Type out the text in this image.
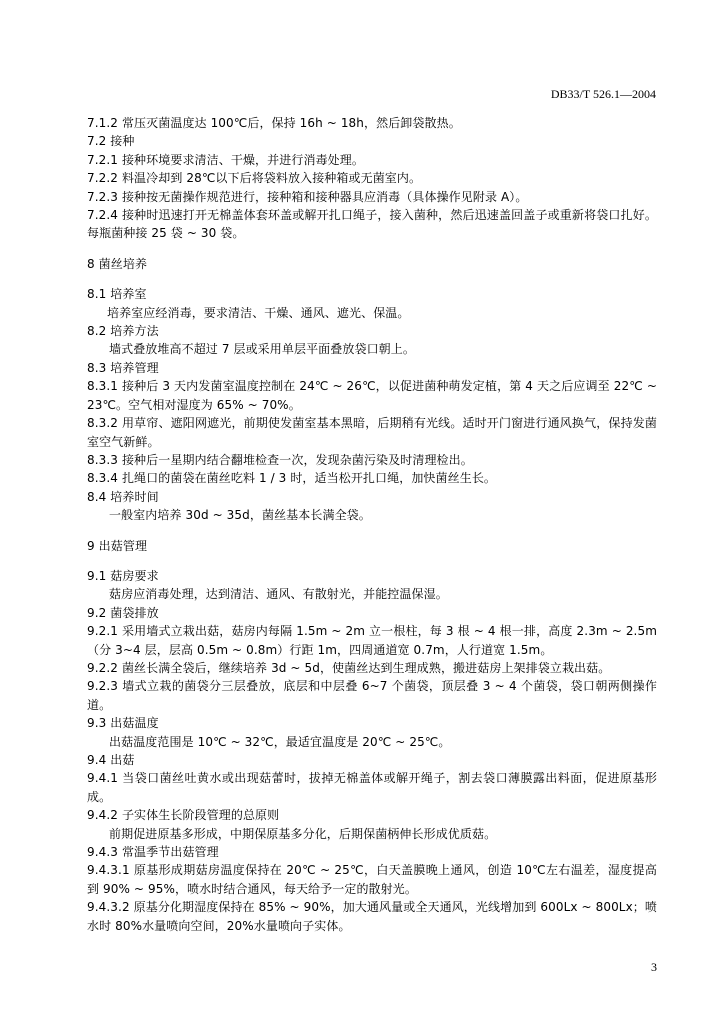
DB33/T 526.1—2004

7.1.2 常压灭菌温度达 100℃后，保持 16h ~ 18h，然后卸袋散热。

7.2 接种

7.2.1 接种环境要求清洁、干燥，并进行消毒处理。

7.2.2 料温冷却到 28℃以下后将袋料放入接种箱或无菌室内。

7.2.3 接种按无菌操作规范进行，接种箱和接种器具应消毒（具体操作见附录 A）。

7.2.4 接种时迅速打开无棉盖体套环盖或解开扎口绳子，接入菌种，然后迅速盖回盖子或重新将袋口扎好。每瓶菌种接 25 袋 ~ 30 袋。

8 菌丝培养

8.1 培养室

培养室应经消毒，要求清洁、干燥、通风、遮光、保温。

8.2 培养方法

墙式叠放堆高不超过 7 层或采用单层平面叠放袋口朝上。

8.3 培养管理

8.3.1 接种后 3 天内发菌室温度控制在 24℃ ~ 26℃，以促进菌种萌发定植，第 4 天之后应调至 22℃ ~ 23℃。空气相对湿度为 65% ~ 70%。

8.3.2 用草帘、遮阳网遮光，前期使发菌室基本黑暗，后期稍有光线。适时开门窗进行通风换气，保持发菌室空气新鲜。

8.3.3 接种后一星期内结合翻堆检查一次，发现杂菌污染及时清理检出。

8.3.4 扎绳口的菌袋在菌丝吃料 1 / 3 时，适当松开扎口绳，加快菌丝生长。

8.4 培养时间

一般室内培养 30d ~ 35d，菌丝基本长满全袋。

9 出菇管理

9.1 菇房要求

菇房应消毒处理，达到清洁、通风、有散射光，并能控温保湿。

9.2 菌袋排放

9.2.1 采用墙式立栽出菇，菇房内每隔 1.5m ~ 2m 立一根柱，每 3 根 ~ 4 根一排，高度 2.3m ~ 2.5m（分 3~4 层，层高 0.5m ~ 0.8m）行距 1m，四周通道宽 0.7m，人行道宽 1.5m。

9.2.2 菌丝长满全袋后，继续培养 3d ~ 5d，使菌丝达到生理成熟，搬进菇房上架排袋立栽出菇。

9.2.3 墙式立栽的菌袋分三层叠放，底层和中层叠 6~7 个菌袋，顶层叠 3 ~ 4 个菌袋，袋口朝两侧操作道。

9.3 出菇温度

出菇温度范围是 10℃ ~ 32℃，最适宜温度是 20℃ ~ 25℃。

9.4 出菇

9.4.1 当袋口菌丝吐黄水或出现菇蕾时，拔掉无棉盖体或解开绳子，割去袋口薄膜露出料面，促进原基形成。

9.4.2 子实体生长阶段管理的总原则

前期促进原基多形成，中期保原基多分化，后期保菌柄伸长形成优质菇。

9.4.3 常温季节出菇管理

9.4.3.1 原基形成期菇房温度保持在 20℃ ~ 25℃，白天盖膜晚上通风，创造 10℃左右温差，湿度提高到 90% ~ 95%，喷水时结合通风，每天给予一定的散射光。

9.4.3.2 原基分化期湿度保持在 85% ~ 90%，加大通风量或全天通风，光线增加到 600Lx ~ 800Lx；喷水时 80%水量喷向空间，20%水量喷向子实体。

3
